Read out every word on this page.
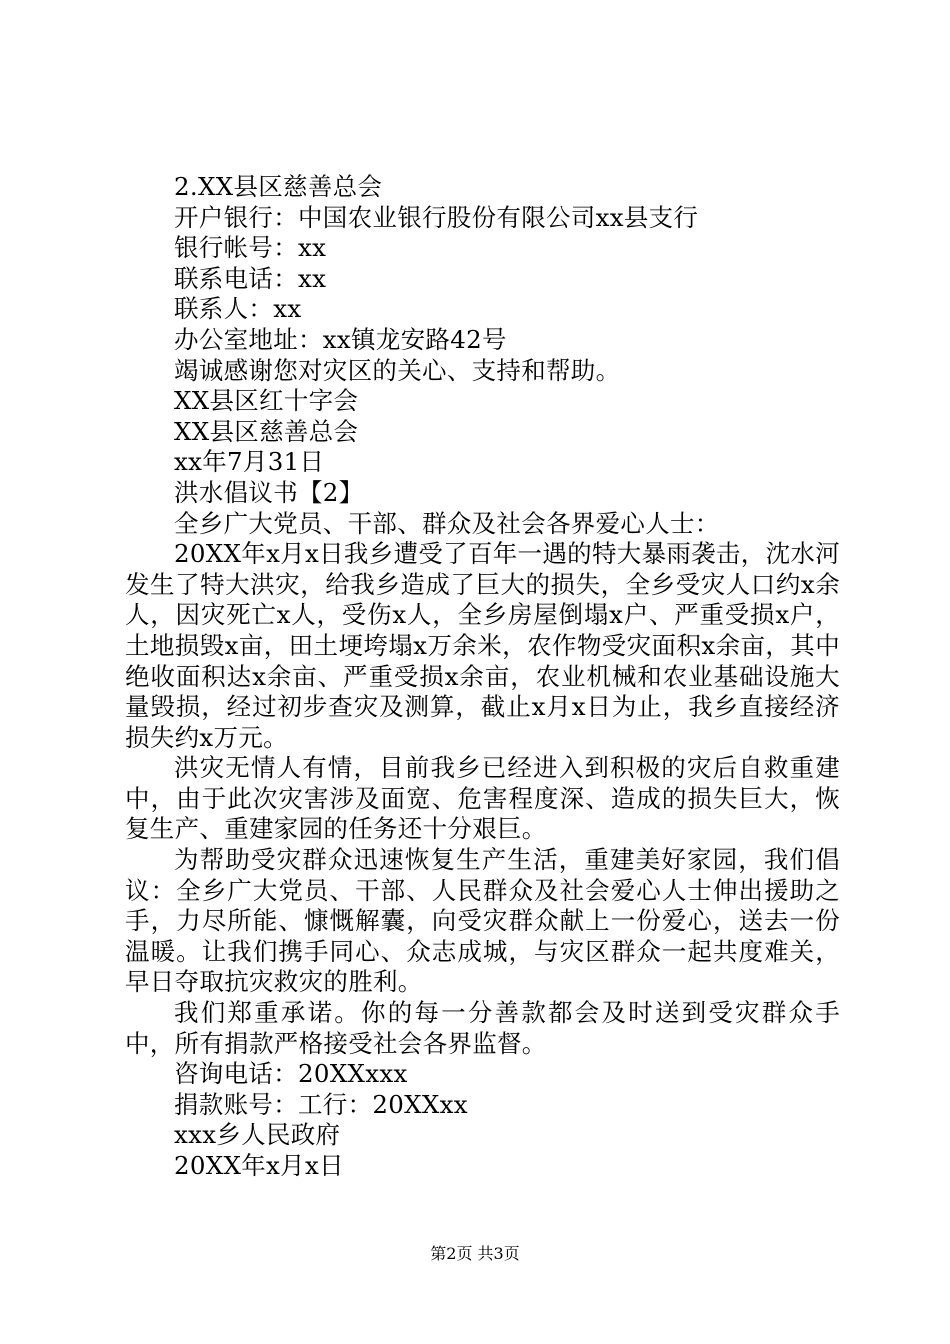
2.XX县区慈善总会
开户银行：中国农业银行股份有限公司xx县支行
银行帐号：xx
联系电话：xx
联系人：xx
办公室地址：xx镇龙安路42号
竭诚感谢您对灾区的关心、支持和帮助。
XX县区红十字会
XX县区慈善总会
xx年7月31日
洪水倡议书【2】
全乡广大党员、干部、群众及社会各界爱心人士：

20XX年x月x日我乡遭受了百年一遇的特大暴雨袭击，沈水河发生了特大洪灾，给我乡造成了巨大的损失，全乡受灾人口约x余人，因灾死亡x人，受伤x人，全乡房屋倒塌x户、严重受损x户，土地损毁x亩，田土埂垮塌x万余米，农作物受灾面积x余亩，其中绝收面积达x余亩、严重受损x余亩，农业机械和农业基础设施大量毁损，经过初步查灾及测算，截止x月x日为止，我乡直接经济损失约x万元。

洪灾无情人有情，目前我乡已经进入到积极的灾后自救重建中，由于此次灾害涉及面宽、危害程度深、造成的损失巨大，恢复生产、重建家园的任务还十分艰巨。

为帮助受灾群众迅速恢复生产生活，重建美好家园，我们倡议：全乡广大党员、干部、人民群众及社会爱心人士伸出援助之手，力尽所能、慷慨解囊，向受灾群众献上一份爱心，送去一份温暖。让我们携手同心、众志成城，与灾区群众一起共度难关，早日夺取抗灾救灾的胜利。

我们郑重承诺。你的每一分善款都会及时送到受灾群众手中，所有捐款严格接受社会各界监督。

咨询电话：20XXxxx
捐款账号：工行：20XXxx
xxx乡人民政府
20XX年x月x日
第2页 共3页
